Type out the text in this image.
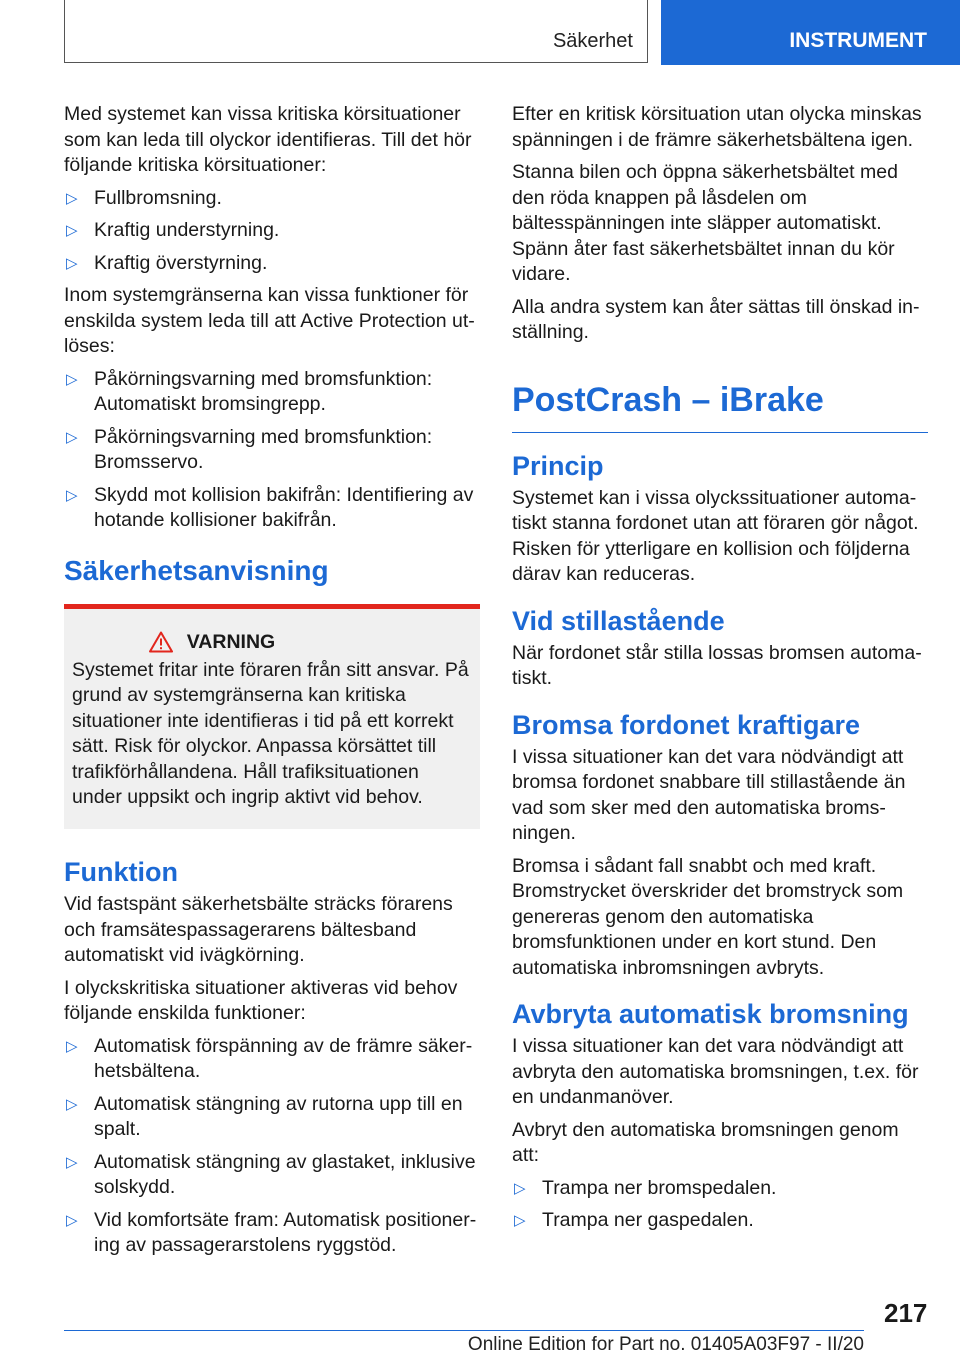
Säkerhet	INSTRUMENT

Med systemet kan vissa kritiska körsituationer som kan leda till olyckor identifieras. Till det hör följande kritiska körsituationer:

▷ Fullbromsning.
▷ Kraftig understyrning.
▷ Kraftig överstyrning.

Inom systemgränserna kan vissa funktioner för enskilda system leda till att Active Protection utlöses:

▷ Påkörningsvarning med bromsfunktion: Automatiskt bromsingrepp.
▷ Påkörningsvarning med bromsfunktion: Bromsservo.
▷ Skydd mot kollision bakifrån: Identifiering av hotande kollisioner bakifrån.
Säkerhetsanvisning
VARNING

Systemet fritar inte föraren från sitt ansvar. På grund av systemgränserna kan kritiska situationer inte identifieras i tid på ett korrekt sätt. Risk för olyckor. Anpassa körsättet till trafikförhållandena. Håll trafiksituationen under uppsikt och ingrip aktivt vid behov.

Funktion

Vid fastspänt säkerhetsbälte sträcks förarens och framsätespassagerarens bältesband automatiskt vid ivägkörning.

I olyckskritiska situationer aktiveras vid behov följande enskilda funktioner:

▷ Automatisk förspänning av de främre säkerhetsbältena.
▷ Automatisk stängning av rutorna upp till en spalt.
▷ Automatisk stängning av glastaket, inklusive solskydd.
▷ Vid komfortsäte fram: Automatisk positionering av passagerarstolens ryggstöd.

Efter en kritisk körsituation utan olycka minskas spänningen i de främre säkerhetsbältena igen.

Stanna bilen och öppna säkerhetsbältet med den röda knappen på låsdelen om bältesspänningen inte släpper automatiskt. Spänn åter fast säkerhetsbältet innan du kör vidare.

Alla andra system kan åter sättas till önskad inställning.

PostCrash – iBrake
Princip

Systemet kan i vissa olyckssituationer automatiskt stanna fordonet utan att föraren gör något. Risken för ytterligare en kollision och följderna därav kan reduceras.

Vid stillastående

När fordonet står stilla lossas bromsen automatiskt.

Bromsa fordonet kraftigare

I vissa situationer kan det vara nödvändigt att bromsa fordonet snabbare till stillastående än vad som sker med den automatiska bromsningen.

Bromsa i sådant fall snabbt och med kraft. Bromstrycket överskrider det bromstryck som genereras genom den automatiska bromsfunktionen under en kort stund. Den automatiska inbromsningen avbryts.

Avbryta automatisk bromsning

I vissa situationer kan det vara nödvändigt att avbryta den automatiska bromsningen, t.ex. för en undanmanöver.

Avbryt den automatiska bromsningen genom att:

▷ Trampa ner bromspedalen.
▷ Trampa ner gaspedalen.
217
Online Edition for Part no. 01405A03F97 - II/20
